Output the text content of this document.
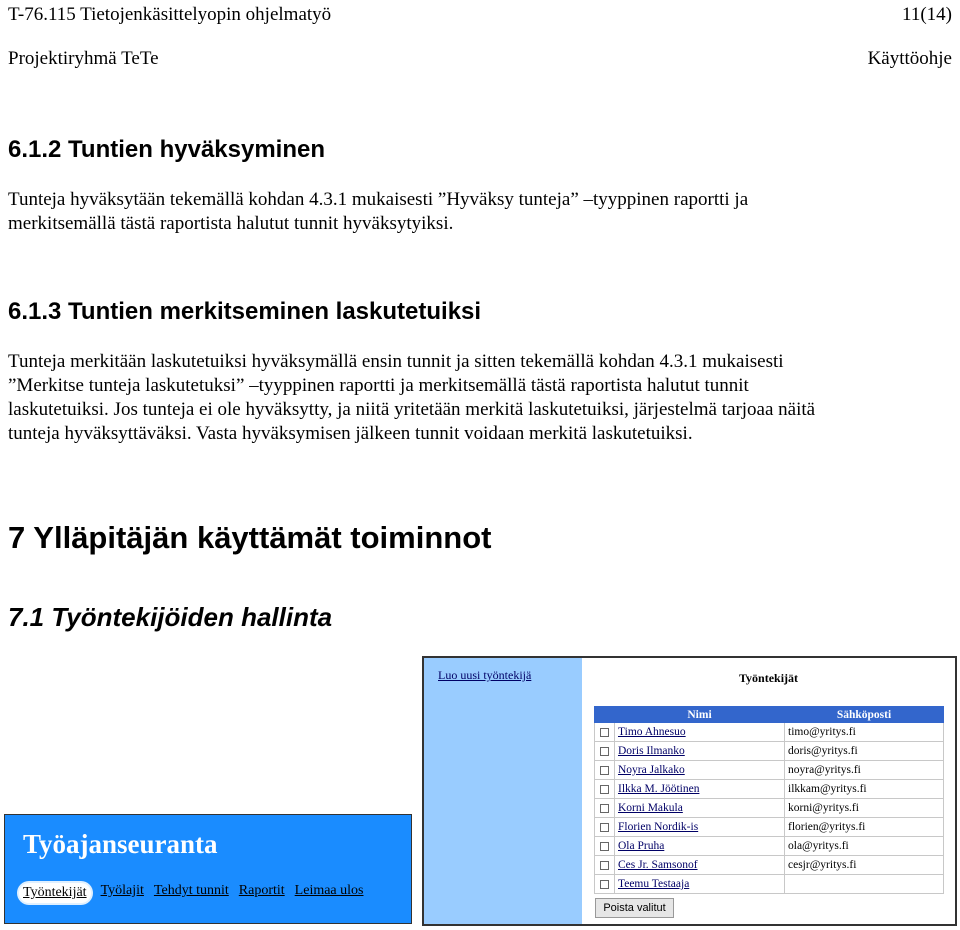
T-76.115 Tietojenkäsittelyopin ohjelmatyö	11(14)
Projektiryhmä TeTe	Käyttöohje
6.1.2 Tuntien hyväksyminen
Tunteja hyväksytään tekemällä kohdan 4.3.1 mukaisesti ”Hyväksy tunteja” –tyyppinen raportti ja
merkitsemällä tästä raportista halutut tunnit hyväksytyiksi.
6.1.3 Tuntien merkitseminen laskutetuiksi
Tunteja merkitään laskutetuiksi hyväksymällä ensin tunnit ja sitten tekemällä kohdan 4.3.1 mukaisesti
”Merkitse tunteja laskutetuksi” –tyyppinen raportti ja merkitsemällä tästä raportista halutut tunnit
laskutetuiksi. Jos tunteja ei ole hyväksytty, ja niitä yritetään merkitä laskutetuiksi, järjestelmä tarjoaa näitä
tunteja hyväksyttäväksi. Vasta hyväksymisen jälkeen tunnit voidaan merkitä laskutetuiksi.
7 Ylläpitäjän käyttämät toiminnot
7.1 Työntekijöiden hallinta
Luo uusi työntekijä	Työntekijät
	Nimi	Sähköposti
	Timo Ahnesuo	timo@yritys.fi
	Doris Ilmanko	doris@yritys.fi
	Noyra Jalkako	noyra@yritys.fi
	Ilkka M. Jöötinen	ilkkam@yritys.fi
	Korni Makula	korni@yritys.fi
	Florien Nordik-is	florien@yritys.fi
	Ola Pruha	ola@yritys.fi
	Ces Jr. Samsonof	cesjr@yritys.fi
	Teemu Testaaja	
Poista valitut
Työajanseuranta
Työntekijät Työlajit Tehdyt tunnit Raportit Leimaa ulos
